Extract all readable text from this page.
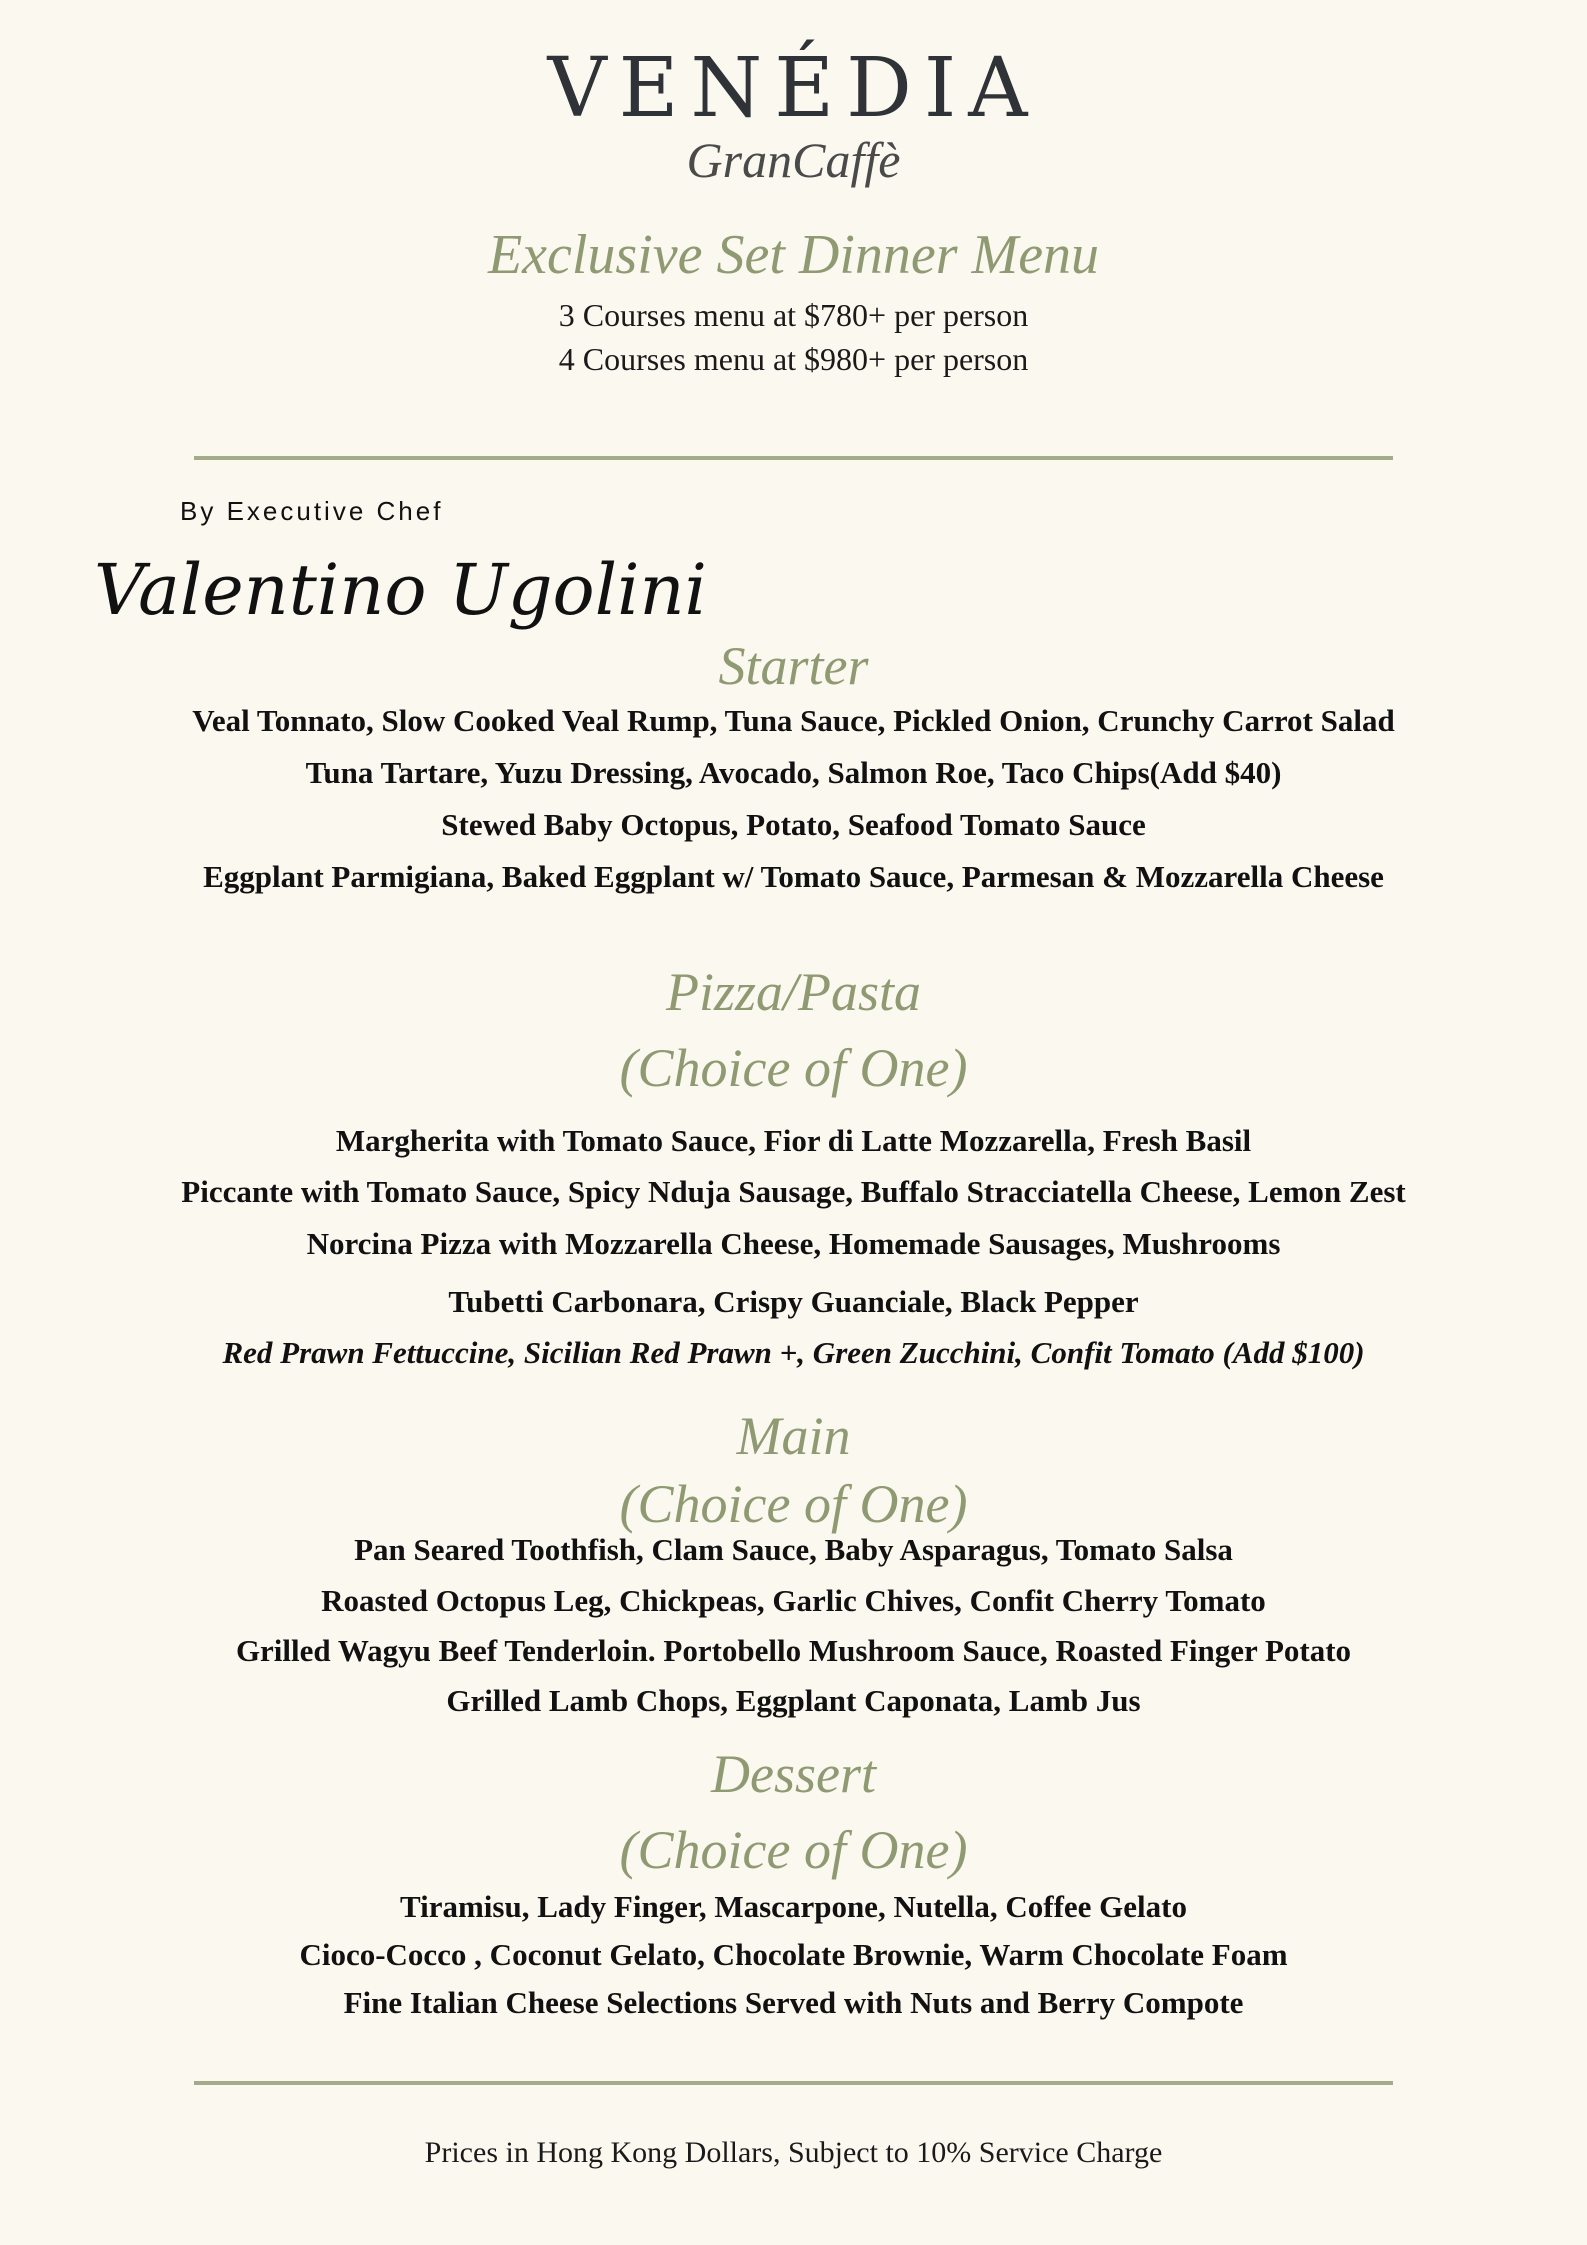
VENÉDIA
GranCaffè
Exclusive Set Dinner Menu
3 Courses menu at $780+ per person
4 Courses menu at $980+ per person
By Executive Chef
Valentino Ugolini
Starter
Veal Tonnato, Slow Cooked Veal Rump, Tuna Sauce, Pickled Onion, Crunchy Carrot Salad
Tuna Tartare, Yuzu Dressing, Avocado, Salmon Roe, Taco Chips(Add $40)
Stewed Baby Octopus, Potato, Seafood Tomato Sauce
Eggplant Parmigiana, Baked Eggplant w/ Tomato Sauce, Parmesan & Mozzarella Cheese
Pizza/Pasta
(Choice of One)
Margherita with Tomato Sauce, Fior di Latte Mozzarella, Fresh Basil
Piccante with Tomato Sauce, Spicy Nduja Sausage, Buffalo Stracciatella Cheese, Lemon Zest
Norcina Pizza with Mozzarella Cheese, Homemade Sausages, Mushrooms
Tubetti Carbonara, Crispy Guanciale, Black Pepper
Red Prawn Fettuccine, Sicilian Red Prawn +, Green Zucchini, Confit Tomato (Add $100)
Main
(Choice of One)
Pan Seared Toothfish, Clam Sauce, Baby Asparagus, Tomato Salsa
Roasted Octopus Leg, Chickpeas, Garlic Chives, Confit Cherry Tomato
Grilled Wagyu Beef Tenderloin. Portobello Mushroom Sauce, Roasted Finger Potato
Grilled Lamb Chops, Eggplant Caponata, Lamb Jus
Dessert
(Choice of One)
Tiramisu, Lady Finger, Mascarpone, Nutella, Coffee Gelato
Cioco-Cocco , Coconut Gelato, Chocolate Brownie, Warm Chocolate Foam
Fine Italian Cheese Selections Served with Nuts and Berry Compote
Prices in Hong Kong Dollars, Subject to 10% Service Charge
